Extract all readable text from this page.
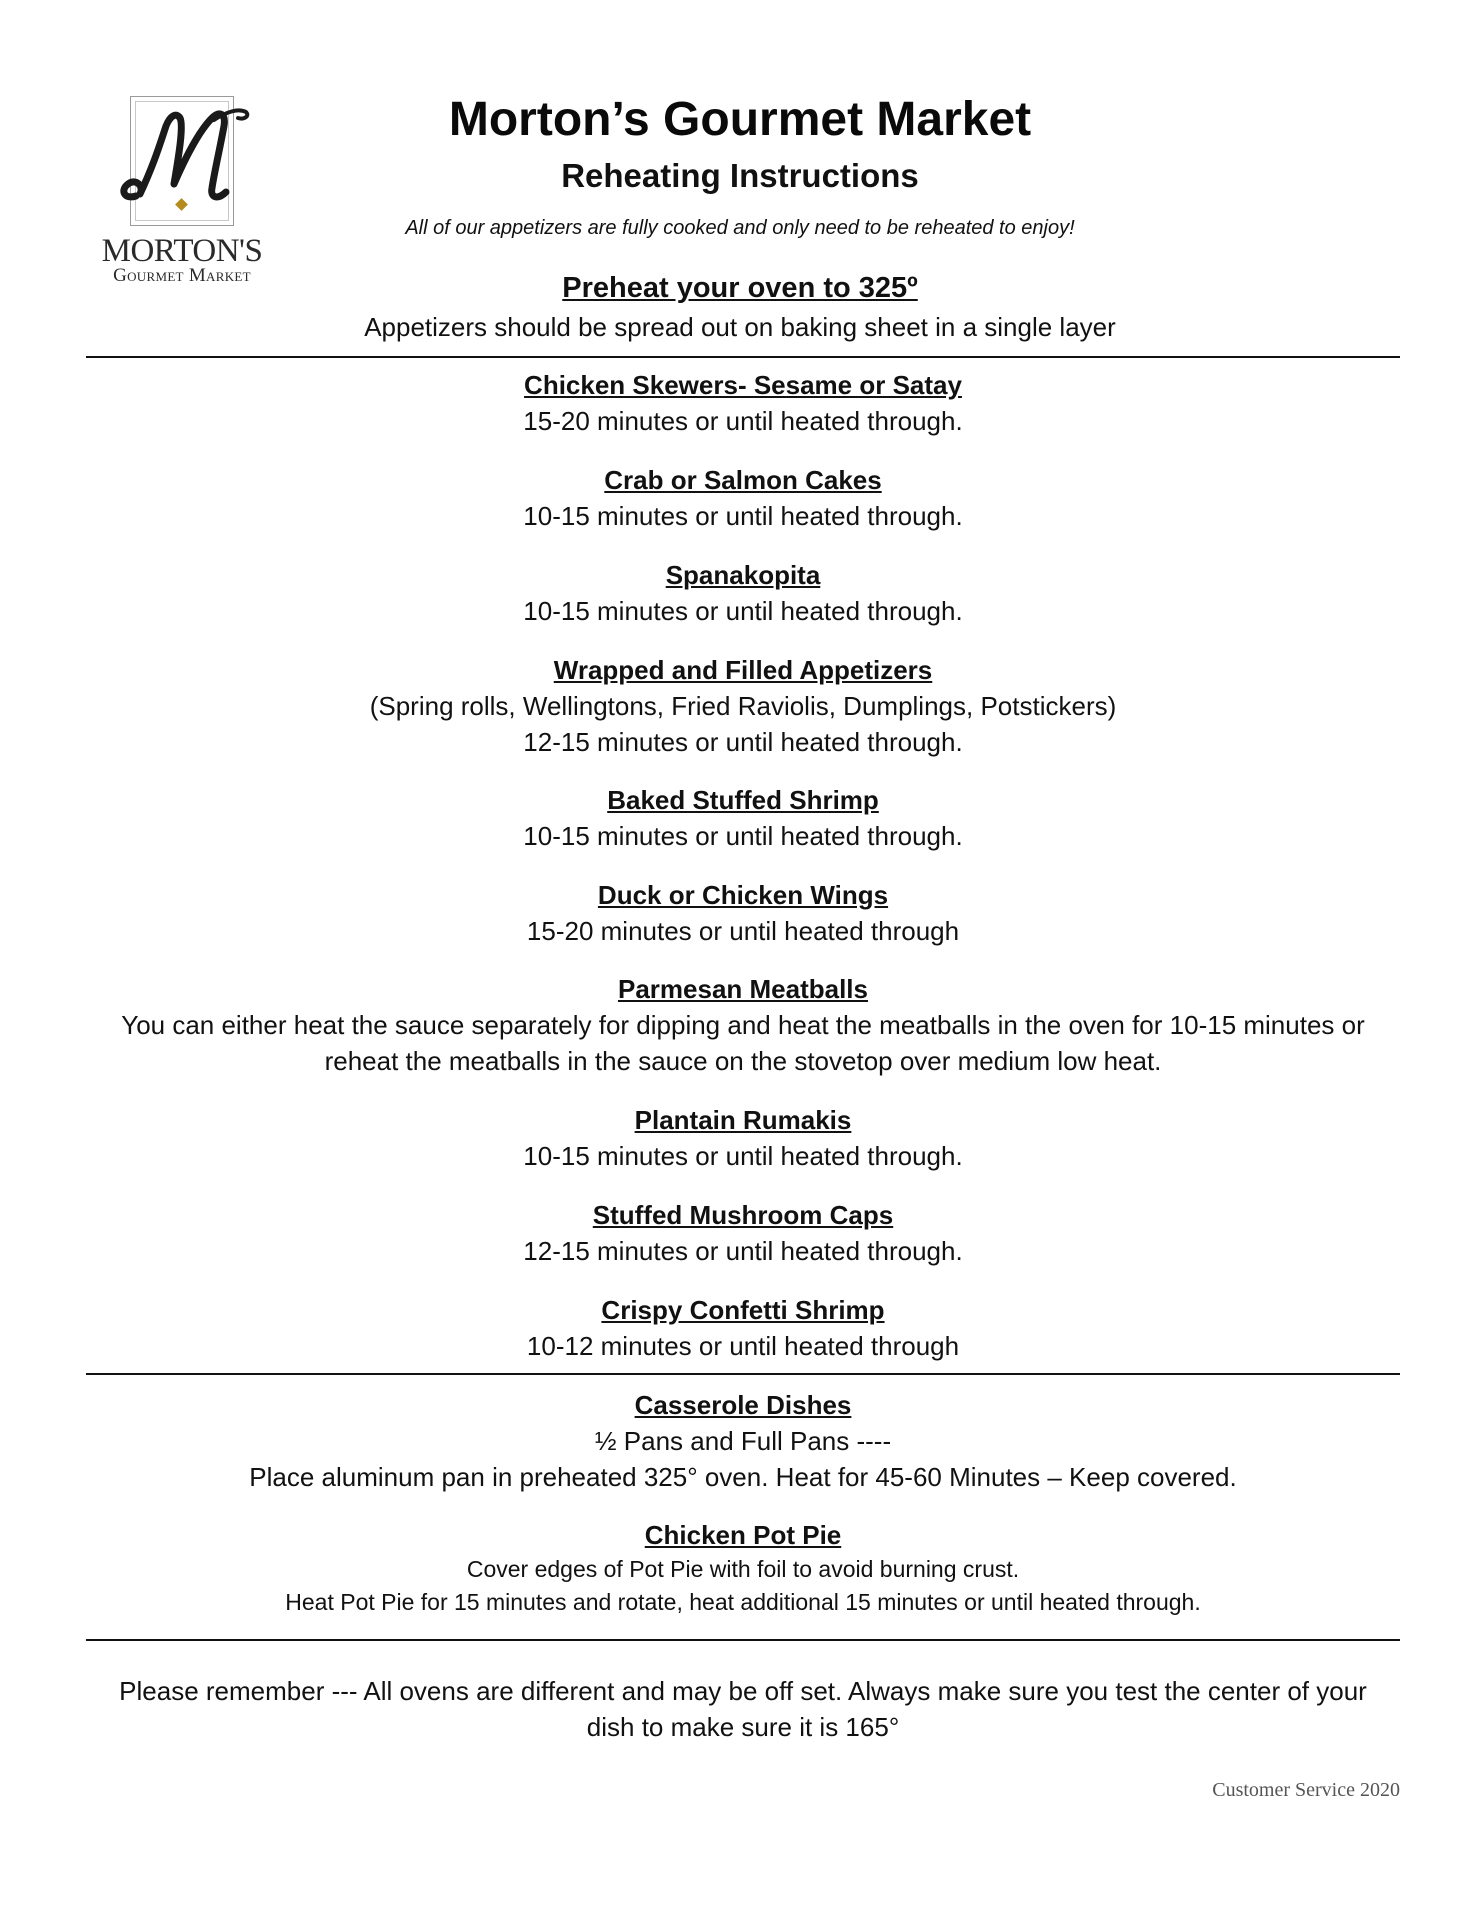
MORTON'S
Gourmet Market
Morton’s Gourmet Market
Reheating Instructions
All of our appetizers are fully cooked and only need to be reheated to enjoy!
Preheat your oven to 325º
Appetizers should be spread out on baking sheet in a single layer

Chicken Skewers- Sesame or Satay

15-20 minutes or until heated through.

Crab or Salmon Cakes

10-15 minutes or until heated through.

Spanakopita

10-15 minutes or until heated through.

Wrapped and Filled Appetizers

(Spring rolls, Wellingtons, Fried Raviolis, Dumplings, Potstickers)

12-15 minutes or until heated through.

Baked Stuffed Shrimp

10-15 minutes or until heated through.

Duck or Chicken Wings

15-20 minutes or until heated through

Parmesan Meatballs

You can either heat the sauce separately for dipping and heat the meatballs in the oven for 10-15 minutes or

reheat the meatballs in the sauce on the stovetop over medium low heat.

Plantain Rumakis

10-15 minutes or until heated through.

Stuffed Mushroom Caps

12-15 minutes or until heated through.

Crispy Confetti Shrimp

10-12 minutes or until heated through

Casserole Dishes

½ Pans and Full Pans ----

Place aluminum pan in preheated 325° oven. Heat for 45-60 Minutes – Keep covered.

Chicken Pot Pie

Cover edges of Pot Pie with foil to avoid burning crust.

Heat Pot Pie for 15 minutes and rotate, heat additional 15 minutes or until heated through.

Please remember --- All ovens are different and may be off set. Always make sure you test the center of your
dish to make sure it is 165°
Customer Service 2020
